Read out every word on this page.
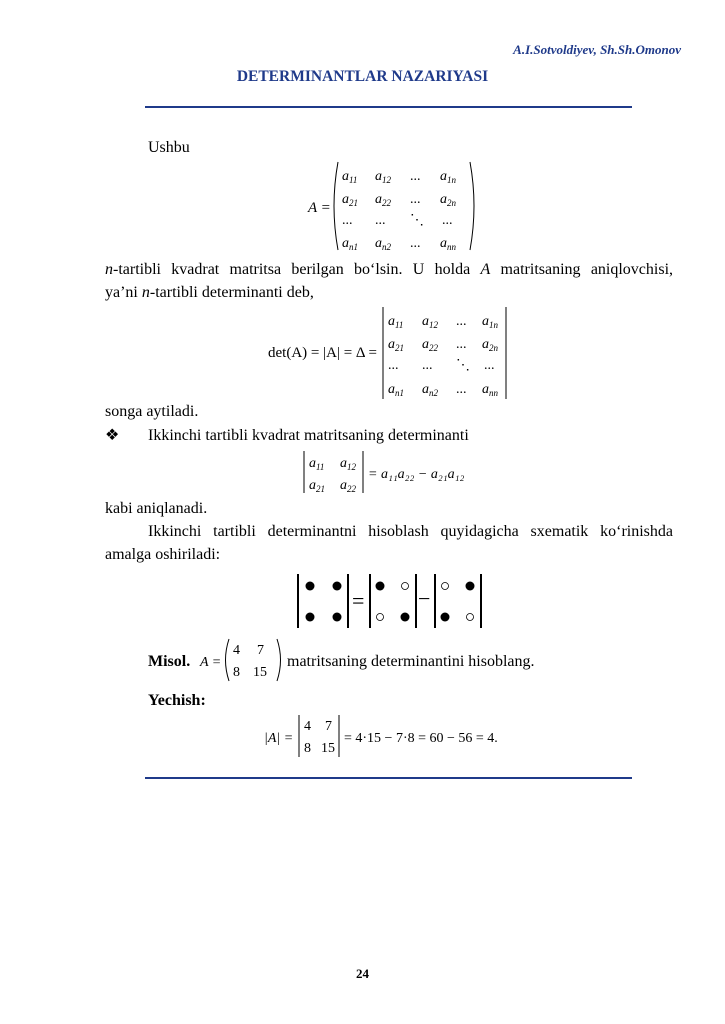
A.I.Sotvoldiyev, Sh.Sh.Omonov
DETERMINANTLAR NAZARIYASI
Ushbu
A =
$a_{11}$ $a_{12}$ ... $a_{1n}$
$a_{21}$ $a_{22}$ ... $a_{2n}$
... ... ⋱ ...
$a_{n1}$ $a_{n2}$ ... $a_{nn}$
n-tartibli kvadrat matritsa berilgan bo‘lsin. U holda A matritsaning aniqlovchisi,
ya’ni n-tartibli determinanti deb,
det(A) = |A| = Δ =
$a_{11}$ $a_{12}$ ... $a_{1n}$
$a_{21}$ $a_{22}$ ... $a_{2n}$
... ... ⋱ ...
$a_{n1}$ $a_{n2}$ ... $a_{nn}$
songa aytiladi.
❖ Ikkinchi tartibli kvadrat matritsaning determinanti
$a_{11}$ $a_{12}$
$a_{21}$ $a_{22}$
= a₁₁a₂₂ − a₂₁a₁₂
kabi aniqlanadi.
Ikkinchi tartibli determinantni hisoblash quyidagicha sxematik ko‘rinishda
amalga oshiriladi:
= −
Misol. A =
4 7
8 15
matritsaning determinantini hisoblang.
Yechish:
|A| =
4 7
8 15
= 4·15 − 7·8 = 60 − 56 = 4.
24
